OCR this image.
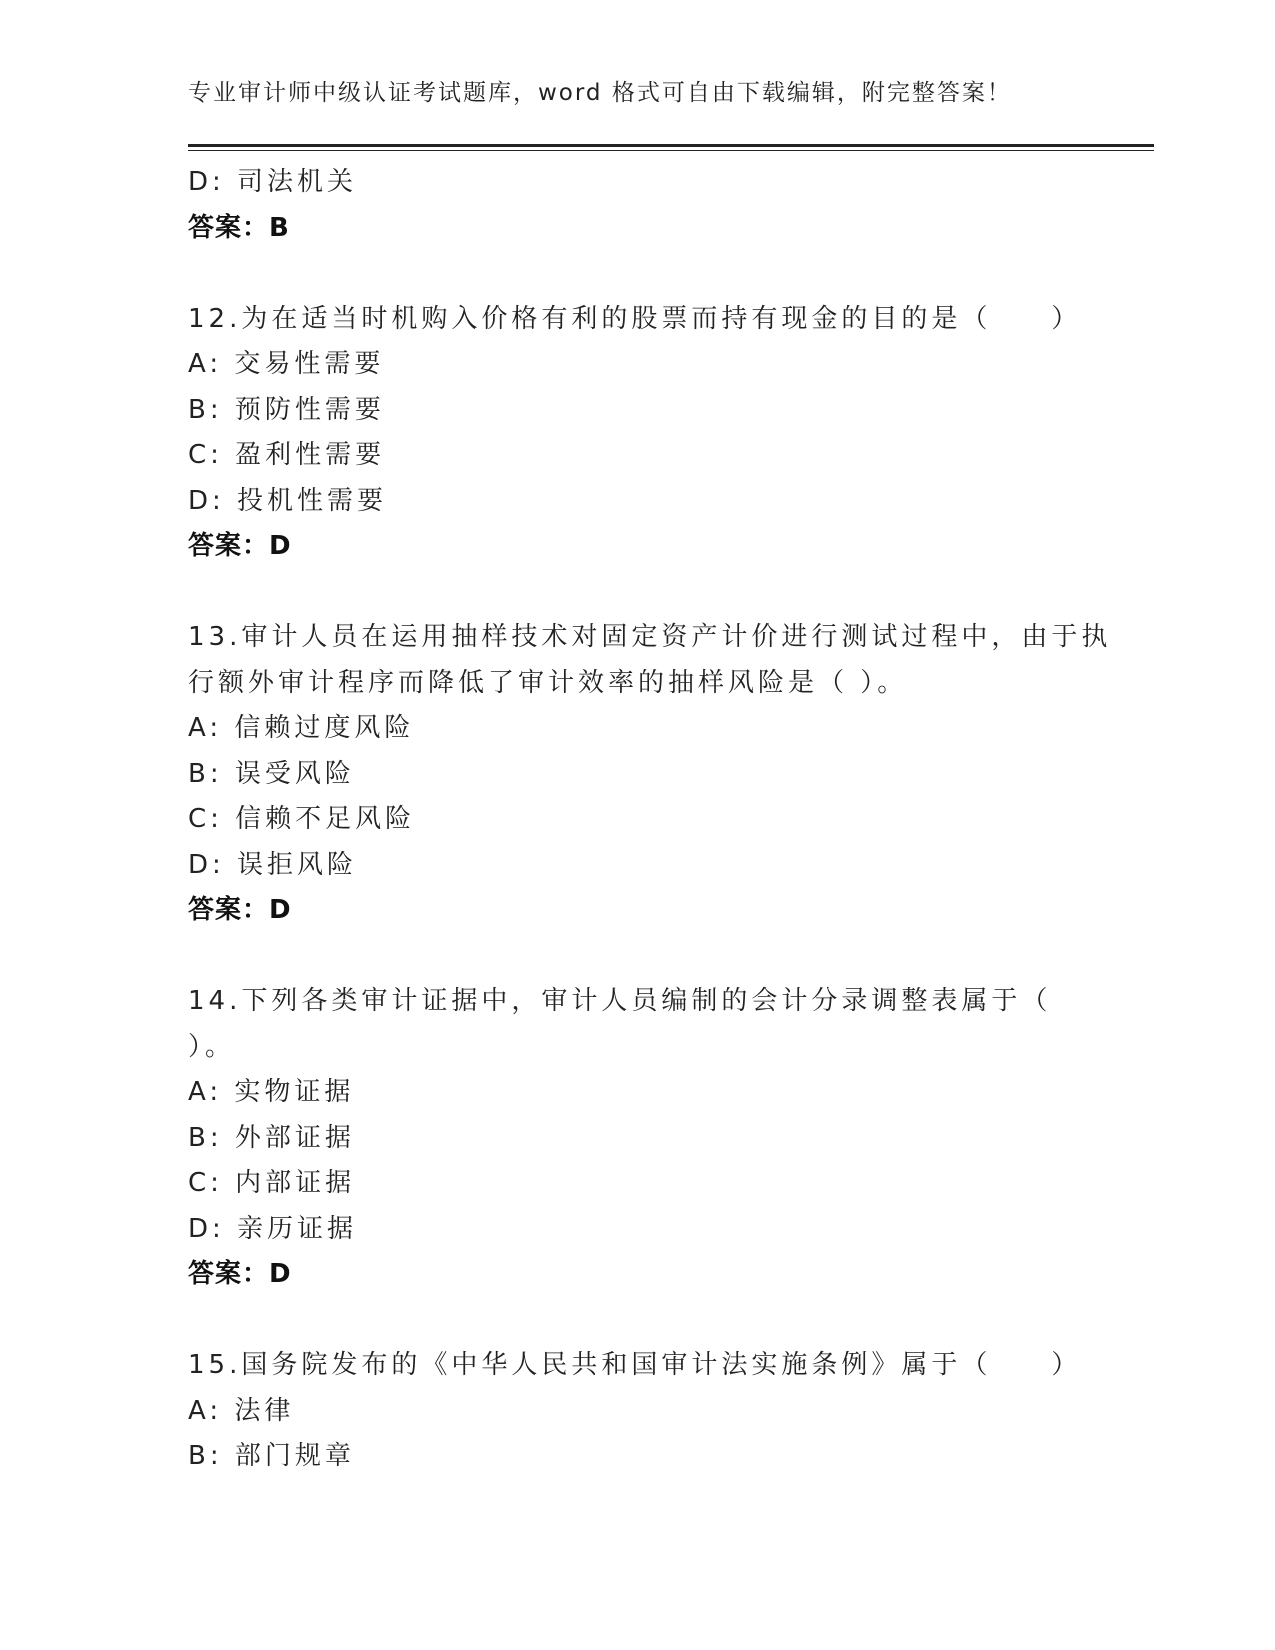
专业审计师中级认证考试题库，word 格式可自由下载编辑，附完整答案！
D: 司法机关
答案：B
12.为在适当时机购入价格有利的股票而持有现金的目的是（　　）
A: 交易性需要
B: 预防性需要
C: 盈利性需要
D: 投机性需要
答案：D
13.审计人员在运用抽样技术对固定资产计价进行测试过程中，由于执
行额外审计程序而降低了审计效率的抽样风险是（ ）。
A: 信赖过度风险
B: 误受风险
C: 信赖不足风险
D: 误拒风险
答案：D
14.下列各类审计证据中，审计人员编制的会计分录调整表属于（
）。
A: 实物证据
B: 外部证据
C: 内部证据
D: 亲历证据
答案：D
15.国务院发布的《中华人民共和国审计法实施条例》属于（　　）
A: 法律
B: 部门规章
